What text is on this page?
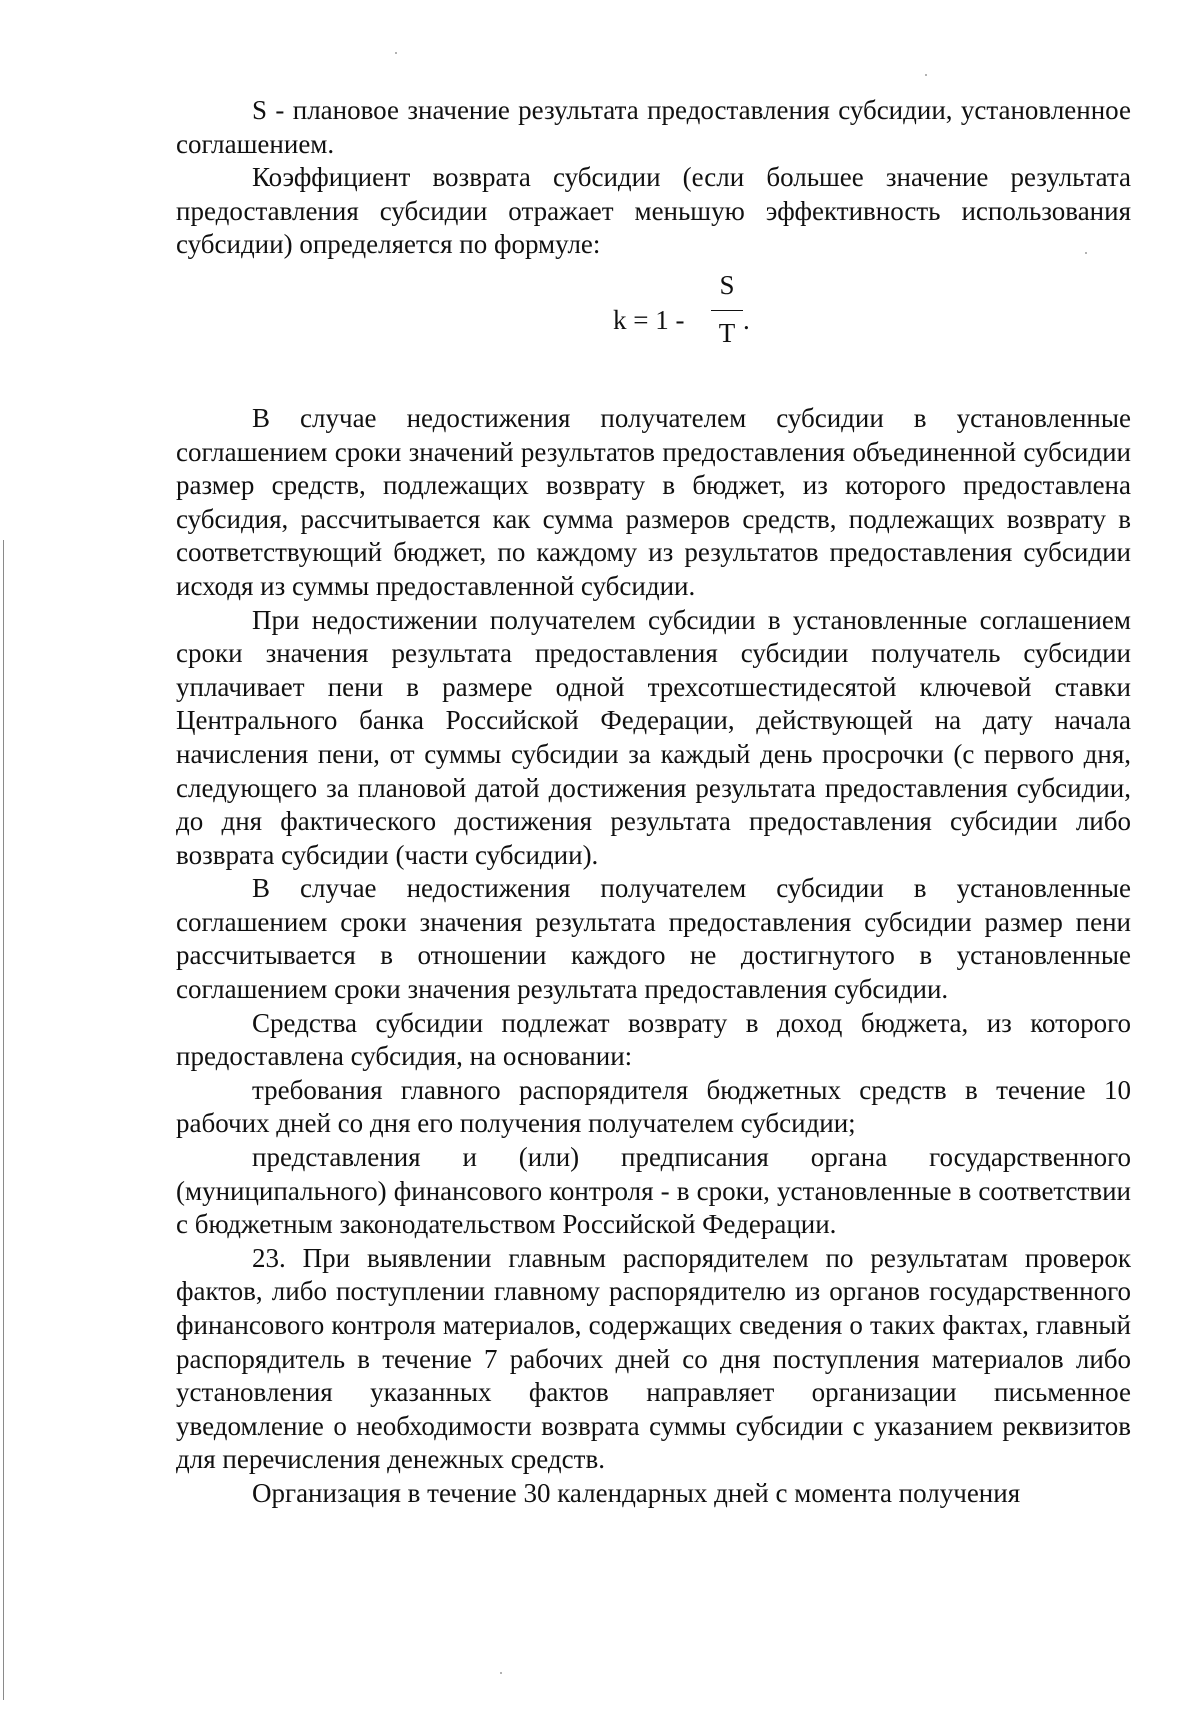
S - плановое значение результата предоставления субсидии, установленное соглашением.

Коэффициент возврата субсидии (если большее значение результата предоставления субсидии отражает меньшую эффективность использования субсидии) определяется по формуле:

k = 1 -
S
T .

В случае недостижения получателем субсидии в установленные соглашением сроки значений результатов предоставления объединенной субсидии размер средств, подлежащих возврату в бюджет, из которого предоставлена субсидия, рассчитывается как сумма размеров средств, подлежащих возврату в соответствующий бюджет, по каждому из результатов предоставления субсидии исходя из суммы предоставленной субсидии.

При недостижении получателем субсидии в установленные соглашением сроки значения результата предоставления субсидии получатель субсидии уплачивает пени в размере одной трехсотшестидесятой ключевой ставки Центрального банка Российской Федерации, действующей на дату начала начисления пени, от суммы субсидии за каждый день просрочки (с первого дня, следующего за плановой датой достижения результата предоставления субсидии, до дня фактического достижения результата предоставления субсидии либо возврата субсидии (части субсидии).

В случае недостижения получателем субсидии в установленные соглашением сроки значения результата предоставления субсидии размер пени рассчитывается в отношении каждого не достигнутого в установленные соглашением сроки значения результата предоставления субсидии.

Средства субсидии подлежат возврату в доход бюджета, из которого предоставлена субсидия, на основании:

требования главного распорядителя бюджетных средств в течение 10 рабочих дней со дня его получения получателем субсидии;

представления и (или) предписания органа государственного (муниципального) финансового контроля - в сроки, установленные в соответствии с бюджетным законодательством Российской Федерации.

23. При выявлении главным распорядителем по результатам проверок фактов, либо поступлении главному распорядителю из органов государственного финансового контроля материалов, содержащих сведения о таких фактах, главный распорядитель в течение 7 рабочих дней со дня поступления материалов либо установления указанных фактов направляет организации письменное уведомление о необходимости возврата суммы субсидии с указанием реквизитов для перечисления денежных средств.

Организация в течение 30 календарных дней с момента получения
